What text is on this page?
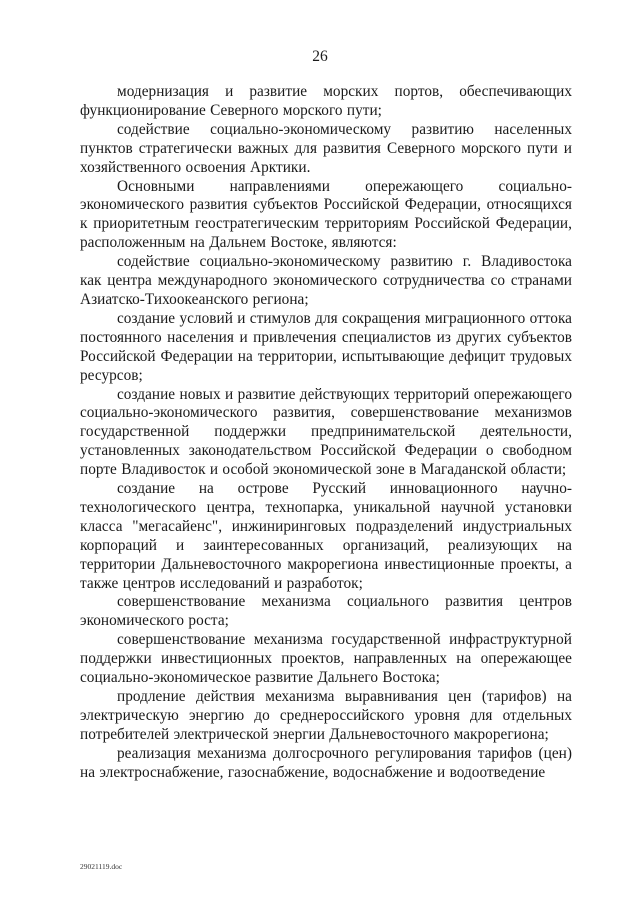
26

модернизация и развитие морских портов, обеспечивающих функционирование Северного морского пути;

содействие социально-экономическому развитию населенных пунктов стратегически важных для развития Северного морского пути и хозяйственного освоения Арктики.

Основными направлениями опережающего социально-экономического развития субъектов Российской Федерации, относящихся к приоритетным геостратегическим территориям Российской Федерации, расположенным на Дальнем Востоке, являются:

содействие социально-экономическому развитию г. Владивостока как центра международного экономического сотрудничества со странами Азиатско-Тихоокеанского региона;

создание условий и стимулов для сокращения миграционного оттока постоянного населения и привлечения специалистов из других субъектов Российской Федерации на территории, испытывающие дефицит трудовых ресурсов;

создание новых и развитие действующих территорий опережающего социально-экономического развития, совершенствование механизмов государственной поддержки предпринимательской деятельности, установленных законодательством Российской Федерации о свободном порте Владивосток и особой экономической зоне в Магаданской области;

создание на острове Русский инновационного научно-технологического центра, технопарка, уникальной научной установки класса "мегасайенс", инжиниринговых подразделений индустриальных корпораций и заинтересованных организаций, реализующих на территории Дальневосточного макрорегиона инвестиционные проекты, а также центров исследований и разработок;

совершенствование механизма социального развития центров экономического роста;

совершенствование механизма государственной инфраструктурной поддержки инвестиционных проектов, направленных на опережающее социально-экономическое развитие Дальнего Востока;

продление действия механизма выравнивания цен (тарифов) на электрическую энергию до среднероссийского уровня для отдельных потребителей электрической энергии Дальневосточного макрорегиона;

реализация механизма долгосрочного регулирования тарифов (цен) на электроснабжение, газоснабжение, водоснабжение и водоотведение

29021119.doc
